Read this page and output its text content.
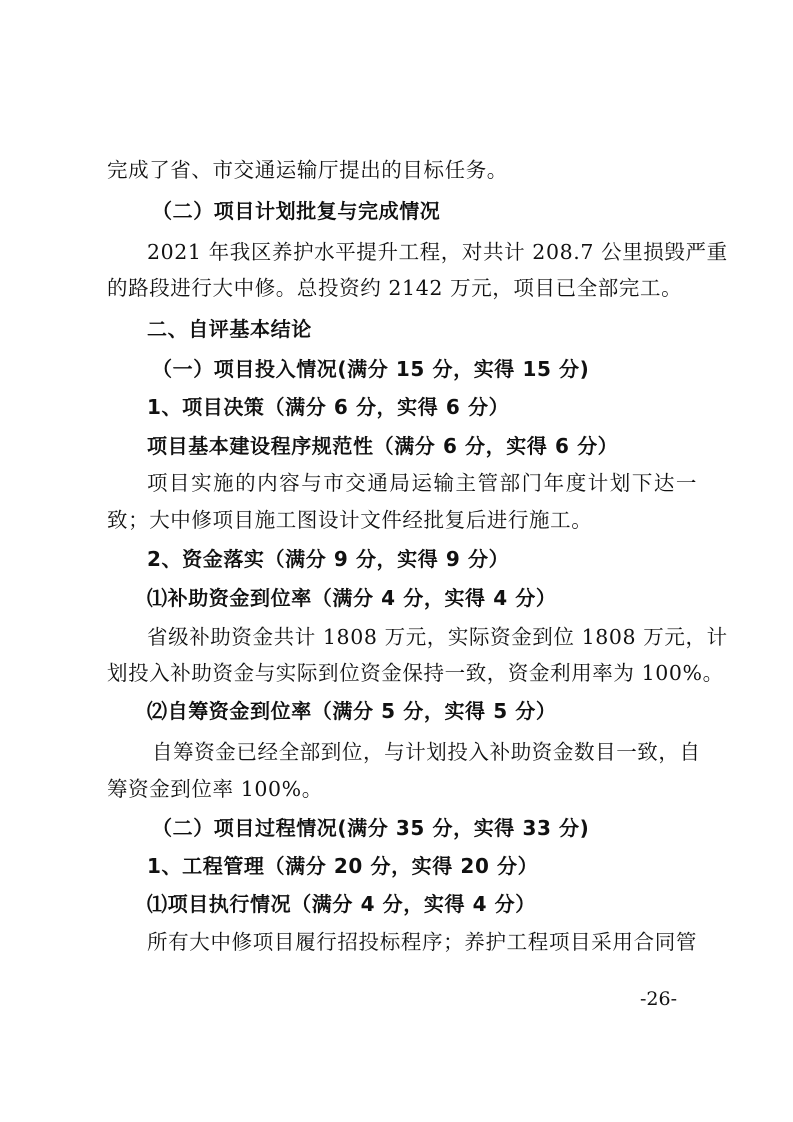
完成了省、市交通运输厅提出的目标任务。
（二）项目计划批复与完成情况
2021 年我区养护水平提升工程，对共计 208.7 公里损毁严重
的路段进行大中修。总投资约 2142 万元，项目已全部完工。
二、自评基本结论
（一）项目投入情况(满分 15 分，实得 15 分)
1、项目决策（满分 6 分，实得 6 分）
项目基本建设程序规范性（满分 6 分，实得 6 分）
项目实施的内容与市交通局运输主管部门年度计划下达一
致；大中修项目施工图设计文件经批复后进行施工。
2、资金落实（满分 9 分，实得 9 分）
⑴补助资金到位率（满分 4 分，实得 4 分）
省级补助资金共计 1808 万元，实际资金到位 1808 万元，计
划投入补助资金与实际到位资金保持一致，资金利用率为 100%。
⑵自筹资金到位率（满分 5 分，实得 5 分）
自筹资金已经全部到位，与计划投入补助资金数目一致，自
筹资金到位率 100%。
（二）项目过程情况(满分 35 分，实得 33 分)
1、工程管理（满分 20 分，实得 20 分）
⑴项目执行情况（满分 4 分，实得 4 分）
所有大中修项目履行招投标程序；养护工程项目采用合同管
-26-
